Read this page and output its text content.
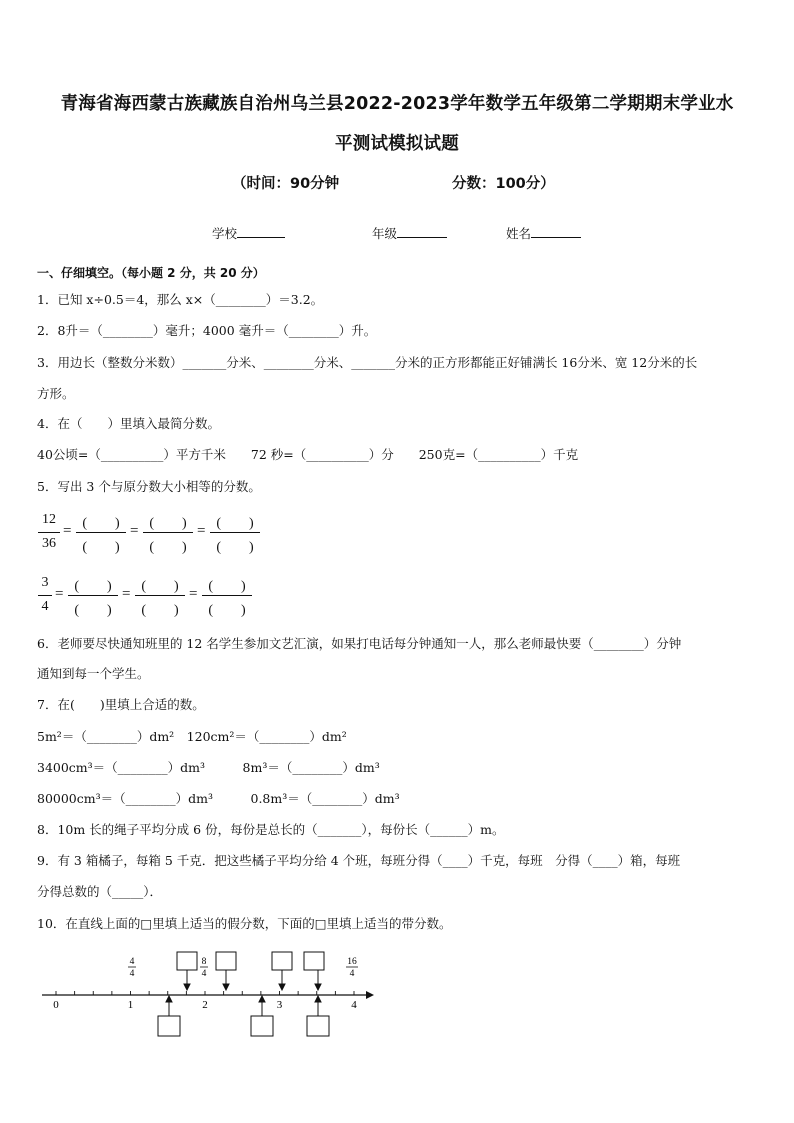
青海省海西蒙古族藏族自治州乌兰县2022-2023学年数学五年级第二学期期末学业水
平测试模拟试题
（时间：90分钟	分数：100分）
学校	年级	姓名
一、仔细填空。（每小题 2 分，共 20 分）
1．已知 x÷0.5＝4，那么 x×（________）＝3.2。
2．8升＝（________）毫升；4000 毫升＝（________）升。
3．用边长（整数分米数）_______分米、________分米、_______分米的正方形都能正好铺满长 16分米、宽 12分米的长
方形。
4．在（　　）里填入最简分数。
40公顷=（__________）平方千米　　72 秒=（__________）分　　250克=（__________）千克
5．写出 3 个与原分数大小相等的分数。
12
36
= (　　)
(　　)
= (　　)
(　　)
= (　　)
(　　)
3
4
= (　　)
(　　)
= (　　)
(　　)
= (　　)
(　　)
6．老师要尽快通知班里的 12 名学生参加文艺汇演，如果打电话每分钟通知一人，那么老师最快要（________）分钟
通知到每一个学生。
7．在(　　)里填上合适的数。
5m²＝（________）dm²　120cm²＝（________）dm²
3400cm³＝（________）dm³　　　8m³＝（________）dm³
80000cm³＝（________）dm³　　　0.8m³＝（________）dm³
8．10m 长的绳子平均分成 6 份，每份是总长的（_______），每份长（______）m。
9．有 3 箱橘子，每箱 5 千克．把这些橘子平均分给 4 个班，每班分得（____）千克，每班　分得（____）箱，每班
分得总数的（_____）．
10．在直线上面的□里填上适当的假分数，下面的□里填上适当的带分数。
0	1	2	3	4
4
4
8
4
16
4
